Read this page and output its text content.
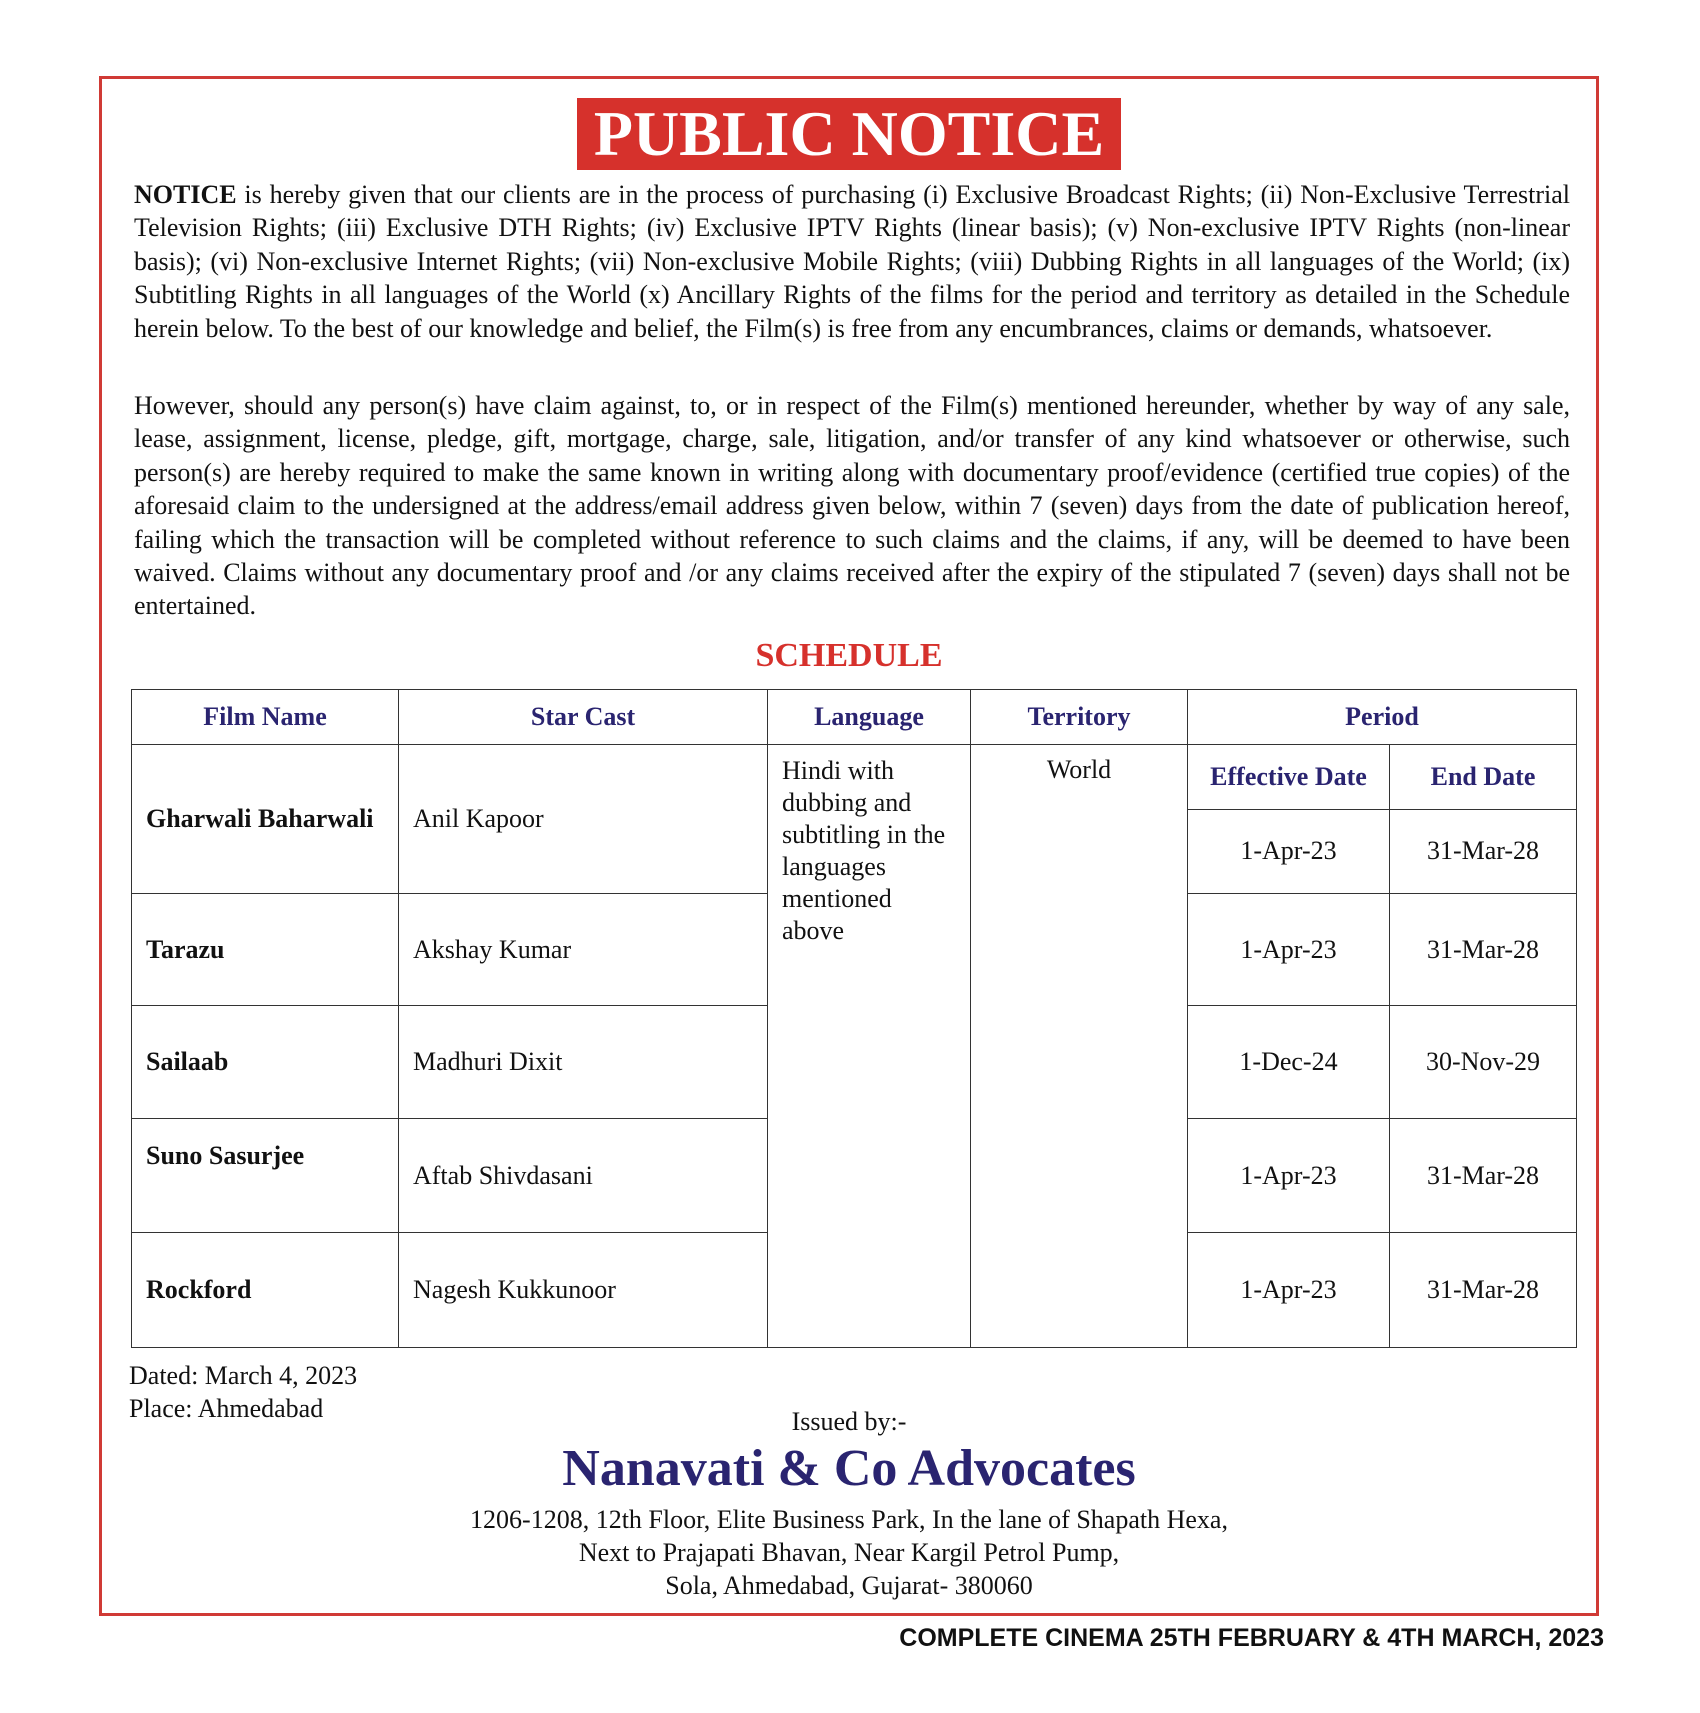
PUBLIC NOTICE
NOTICE is hereby given that our clients are in the process of purchasing (i) Exclusive Broadcast Rights; (ii) Non-Exclusive Terrestrial Television Rights; (iii) Exclusive DTH Rights; (iv) Exclusive IPTV Rights (linear basis); (v) Non-exclusive IPTV Rights (non-linear basis); (vi) Non-exclusive Internet Rights; (vii) Non-exclusive Mobile Rights; (viii) Dubbing Rights in all languages of the World; (ix) Subtitling Rights in all languages of the World (x) Ancillary Rights of the films for the period and territory as detailed in the Schedule herein below. To the best of our knowledge and belief, the Film(s) is free from any encumbrances, claims or demands, whatsoever.
However, should any person(s) have claim against, to, or in respect of the Film(s) mentioned hereunder, whether by way of any sale, lease, assignment, license, pledge, gift, mortgage, charge, sale, litigation, and/or transfer of any kind whatsoever or otherwise, such person(s) are hereby required to make the same known in writing along with documentary proof/evidence (certified true copies) of the aforesaid claim to the undersigned at the address/email address given below, within 7 (seven) days from the date of publication hereof, failing which the transaction will be completed without reference to such claims and the claims, if any, will be deemed to have been waived. Claims without any documentary proof and /or any claims received after the expiry of the stipulated 7 (seven) days shall not be entertained.
SCHEDULE
Film Name	Star Cast	Language	Territory	Period	
Gharwali Baharwali	Anil Kapoor	Hindi with dubbing and subtitling in the languages mentioned above	World	Effective Date	End Date
				1-Apr-23	31-Mar-28
Tarazu	Akshay Kumar			1-Apr-23	31-Mar-28
Sailaab	Madhuri Dixit			1-Dec-24	30-Nov-29
Suno Sasurjee	Aftab Shivdasani			1-Apr-23	31-Mar-28
Rockford	Nagesh Kukkunoor			1-Apr-23	31-Mar-28
Dated: March 4, 2023
Place: Ahmedabad	Issued by:-
Nanavati & Co Advocates
1206-1208, 12th Floor, Elite Business Park, In the lane of Shapath Hexa,
Next to Prajapati Bhavan, Near Kargil Petrol Pump,
Sola, Ahmedabad, Gujarat- 380060
COMPLETE CINEMA 25TH FEBRUARY & 4TH MARCH, 2023
